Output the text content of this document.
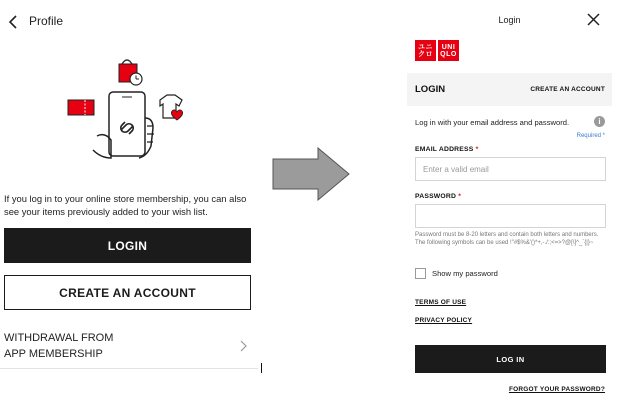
Profile
If you log in to your online store membership, you can also see your items previously added to your wish list.
LOGIN
CREATE AN ACCOUNT
WITHDRAWAL FROM
APP MEMBERSHIP
Login
ユニ
クロ
UNI
QLO
LOGIN	CREATE AN ACCOUNT
Log in with your email address and password.	i
Required *
EMAIL ADDRESS *
Enter a valid email
PASSWORD *
Password must be 8-20 letters and contain both letters and numbers. The following symbols can be used !"#$%&'()*+,-./:;<=>?@[\]^_`{|}~
Show my password
TERMS OF USE
PRIVACY POLICY
LOG IN
FORGOT YOUR PASSWORD?
